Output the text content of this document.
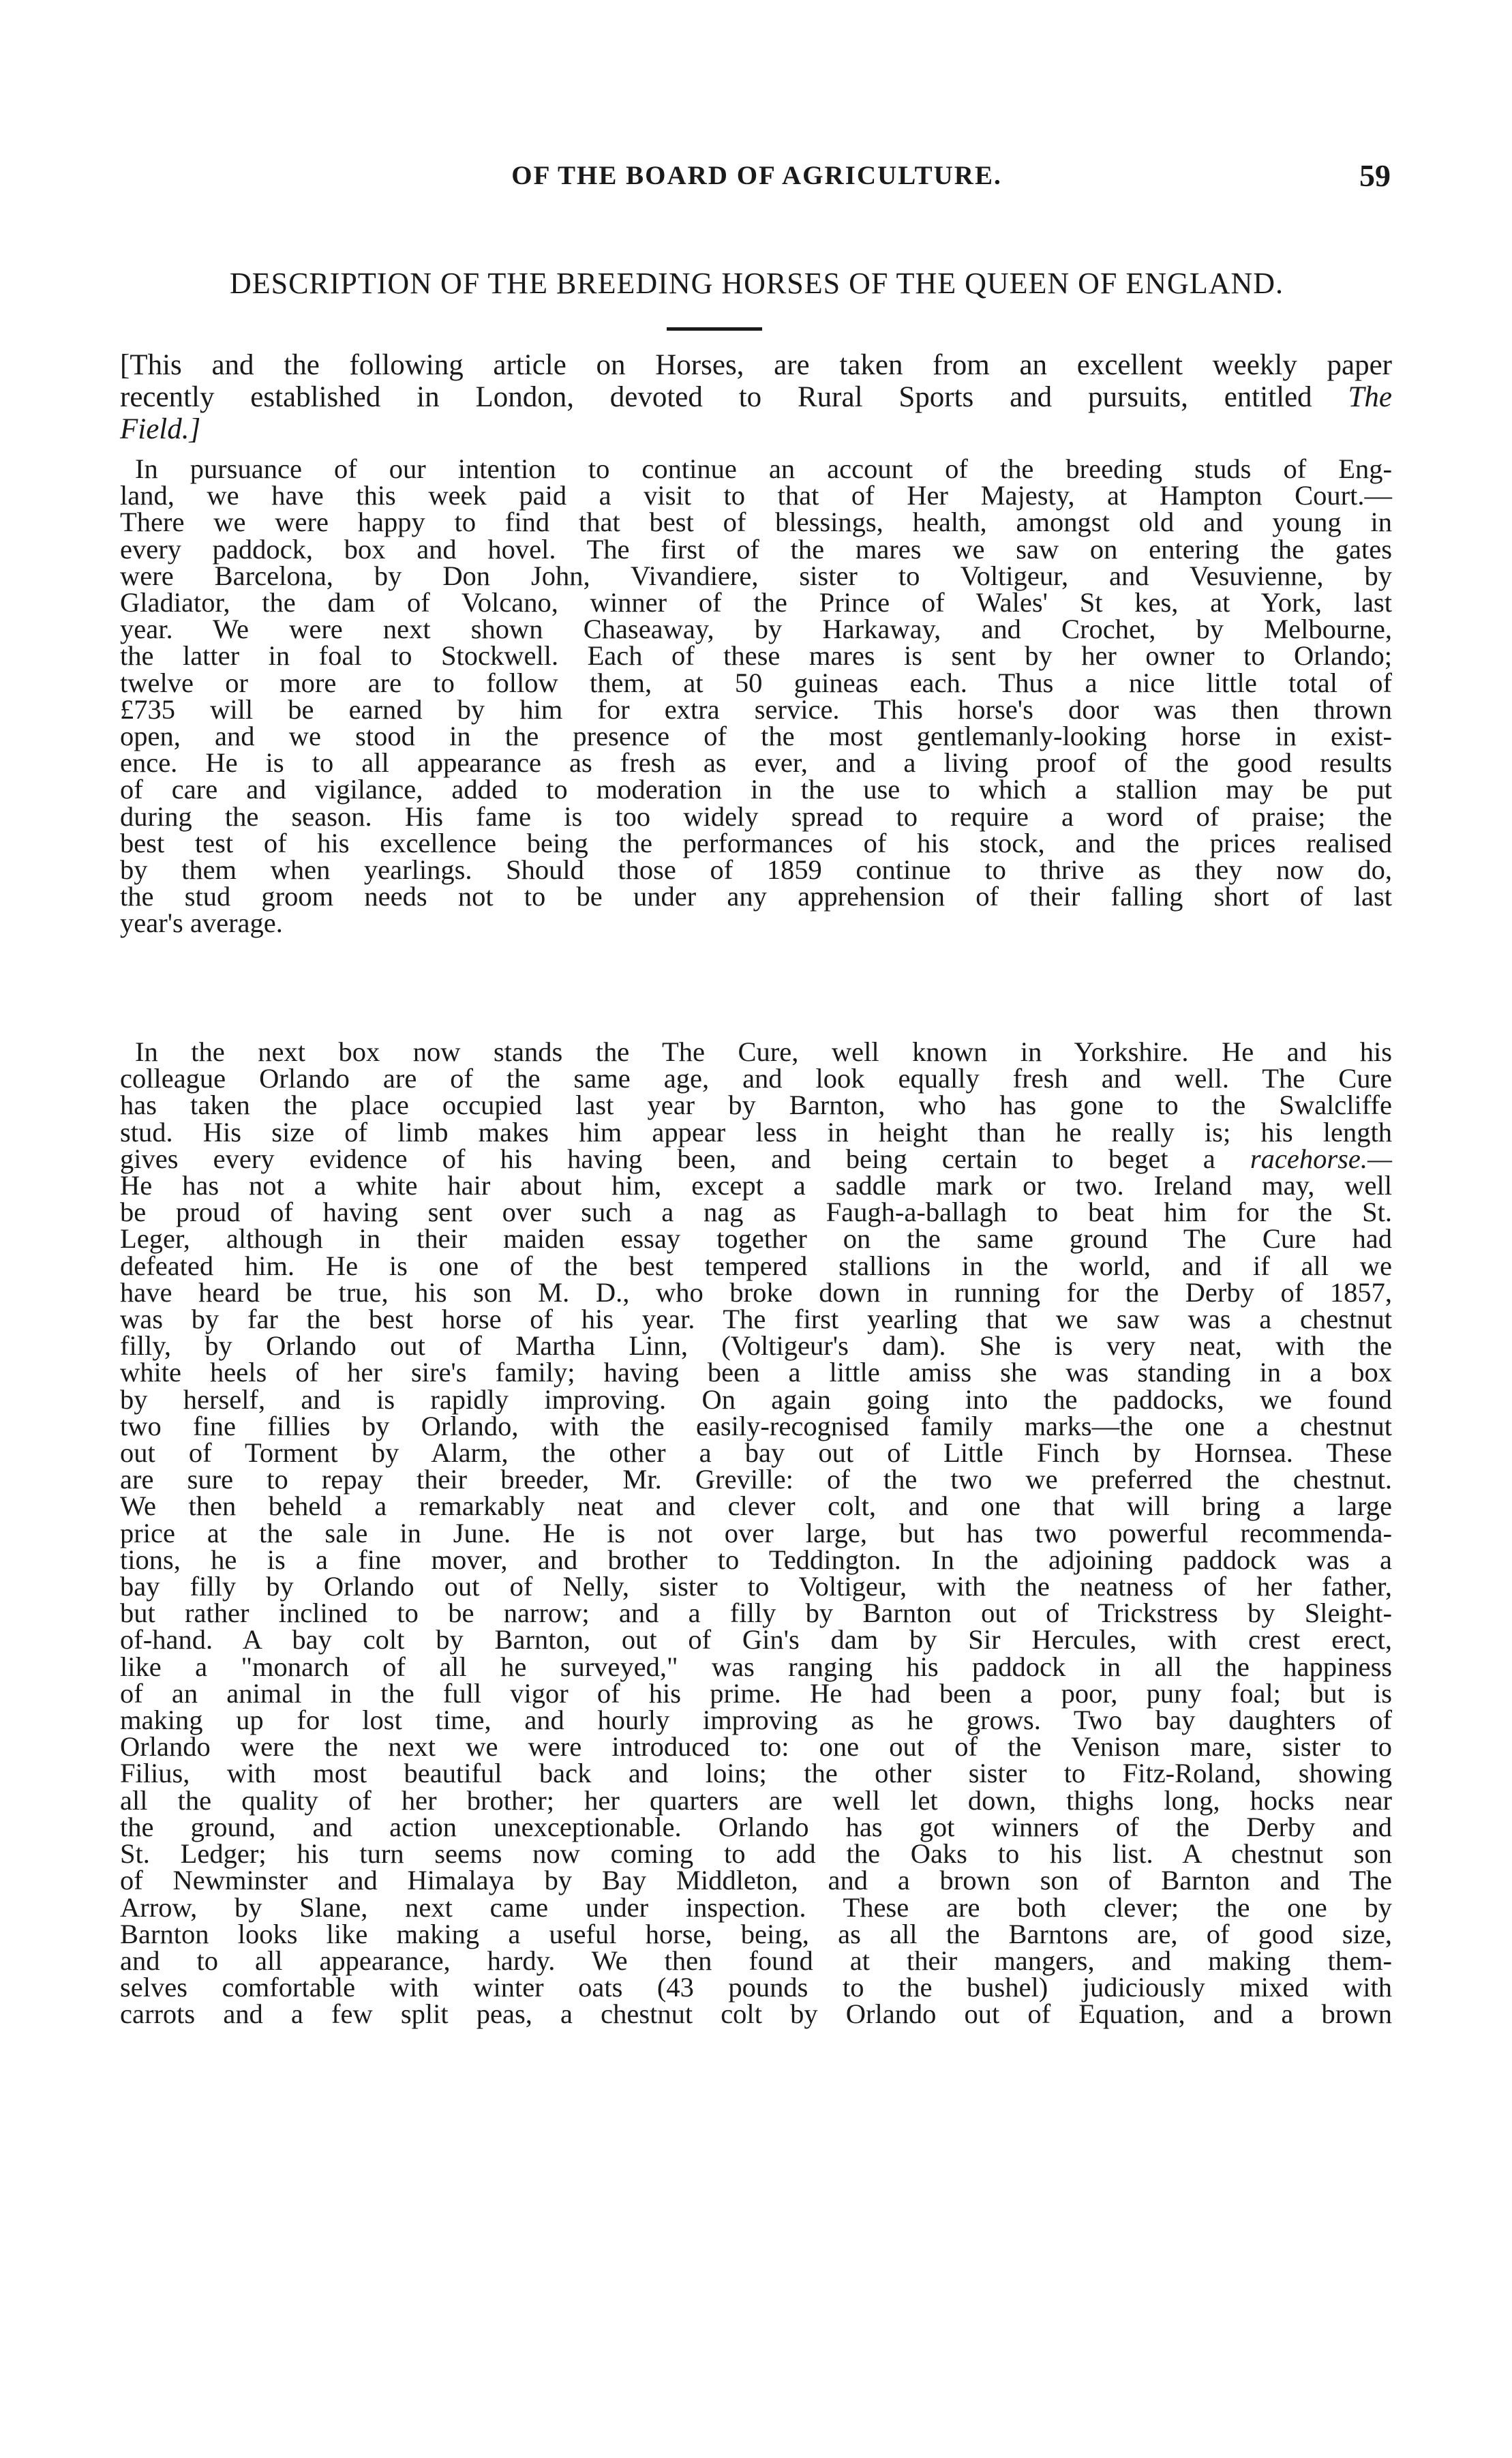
OF THE BOARD OF AGRICULTURE.	59
DESCRIPTION OF THE BREEDING HORSES OF THE QUEEN OF ENGLAND.
[This and the following article on Horses, are taken from an excellent weekly paper
recently established in London, devoted to Rural Sports and pursuits, entitled The
Field.]
In pursuance of our intention to continue an account of the breeding studs of Eng-
land, we have this week paid a visit to that of Her Majesty, at Hampton Court.—
There we were happy to find that best of blessings, health, amongst old and young in
every paddock, box and hovel. The first of the mares we saw on entering the gates
were Barcelona, by Don John, Vivandiere, sister to Voltigeur, and Vesuvienne, by
Gladiator, the dam of Volcano, winner of the Prince of Wales' St kes, at York, last
year. We were next shown Chaseaway, by Harkaway, and Crochet, by Melbourne,
the latter in foal to Stockwell. Each of these mares is sent by her owner to Orlando;
twelve or more are to follow them, at 50 guineas each. Thus a nice little total of
£735 will be earned by him for extra service. This horse's door was then thrown
open, and we stood in the presence of the most gentlemanly-looking horse in exist-
ence. He is to all appearance as fresh as ever, and a living proof of the good results
of care and vigilance, added to moderation in the use to which a stallion may be put
during the season. His fame is too widely spread to require a word of praise; the
best test of his excellence being the performances of his stock, and the prices realised
by them when yearlings. Should those of 1859 continue to thrive as they now do,
the stud groom needs not to be under any apprehension of their falling short of last
year's average.
In the next box now stands the The Cure, well known in Yorkshire. He and his
colleague Orlando are of the same age, and look equally fresh and well. The Cure
has taken the place occupied last year by Barnton, who has gone to the Swalcliffe
stud. His size of limb makes him appear less in height than he really is; his length
gives every evidence of his having been, and being certain to beget a racehorse.—
He has not a white hair about him, except a saddle mark or two. Ireland may, well
be proud of having sent over such a nag as Faugh-a-ballagh to beat him for the St.
Leger, although in their maiden essay together on the same ground The Cure had
defeated him. He is one of the best tempered stallions in the world, and if all we
have heard be true, his son M. D., who broke down in running for the Derby of 1857,
was by far the best horse of his year. The first yearling that we saw was a chestnut
filly, by Orlando out of Martha Linn, (Voltigeur's dam). She is very neat, with the
white heels of her sire's family; having been a little amiss she was standing in a box
by herself, and is rapidly improving. On again going into the paddocks, we found
two fine fillies by Orlando, with the easily-recognised family marks—the one a chestnut
out of Torment by Alarm, the other a bay out of Little Finch by Hornsea. These
are sure to repay their breeder, Mr. Greville: of the two we preferred the chestnut.
We then beheld a remarkably neat and clever colt, and one that will bring a large
price at the sale in June. He is not over large, but has two powerful recommenda-
tions, he is a fine mover, and brother to Teddington. In the adjoining paddock was a
bay filly by Orlando out of Nelly, sister to Voltigeur, with the neatness of her father,
but rather inclined to be narrow; and a filly by Barnton out of Trickstress by Sleight-
of-hand. A bay colt by Barnton, out of Gin's dam by Sir Hercules, with crest erect,
like a "monarch of all he surveyed," was ranging his paddock in all the happiness
of an animal in the full vigor of his prime. He had been a poor, puny foal; but is
making up for lost time, and hourly improving as he grows. Two bay daughters of
Orlando were the next we were introduced to: one out of the Venison mare, sister to
Filius, with most beautiful back and loins; the other sister to Fitz-Roland, showing
all the quality of her brother; her quarters are well let down, thighs long, hocks near
the ground, and action unexceptionable. Orlando has got winners of the Derby and
St. Ledger; his turn seems now coming to add the Oaks to his list. A chestnut son
of Newminster and Himalaya by Bay Middleton, and a brown son of Barnton and The
Arrow, by Slane, next came under inspection. These are both clever; the one by
Barnton looks like making a useful horse, being, as all the Barntons are, of good size,
and to all appearance, hardy. We then found at their mangers, and making them-
selves comfortable with winter oats (43 pounds to the bushel) judiciously mixed with
carrots and a few split peas, a chestnut colt by Orlando out of Equation, and a brown
